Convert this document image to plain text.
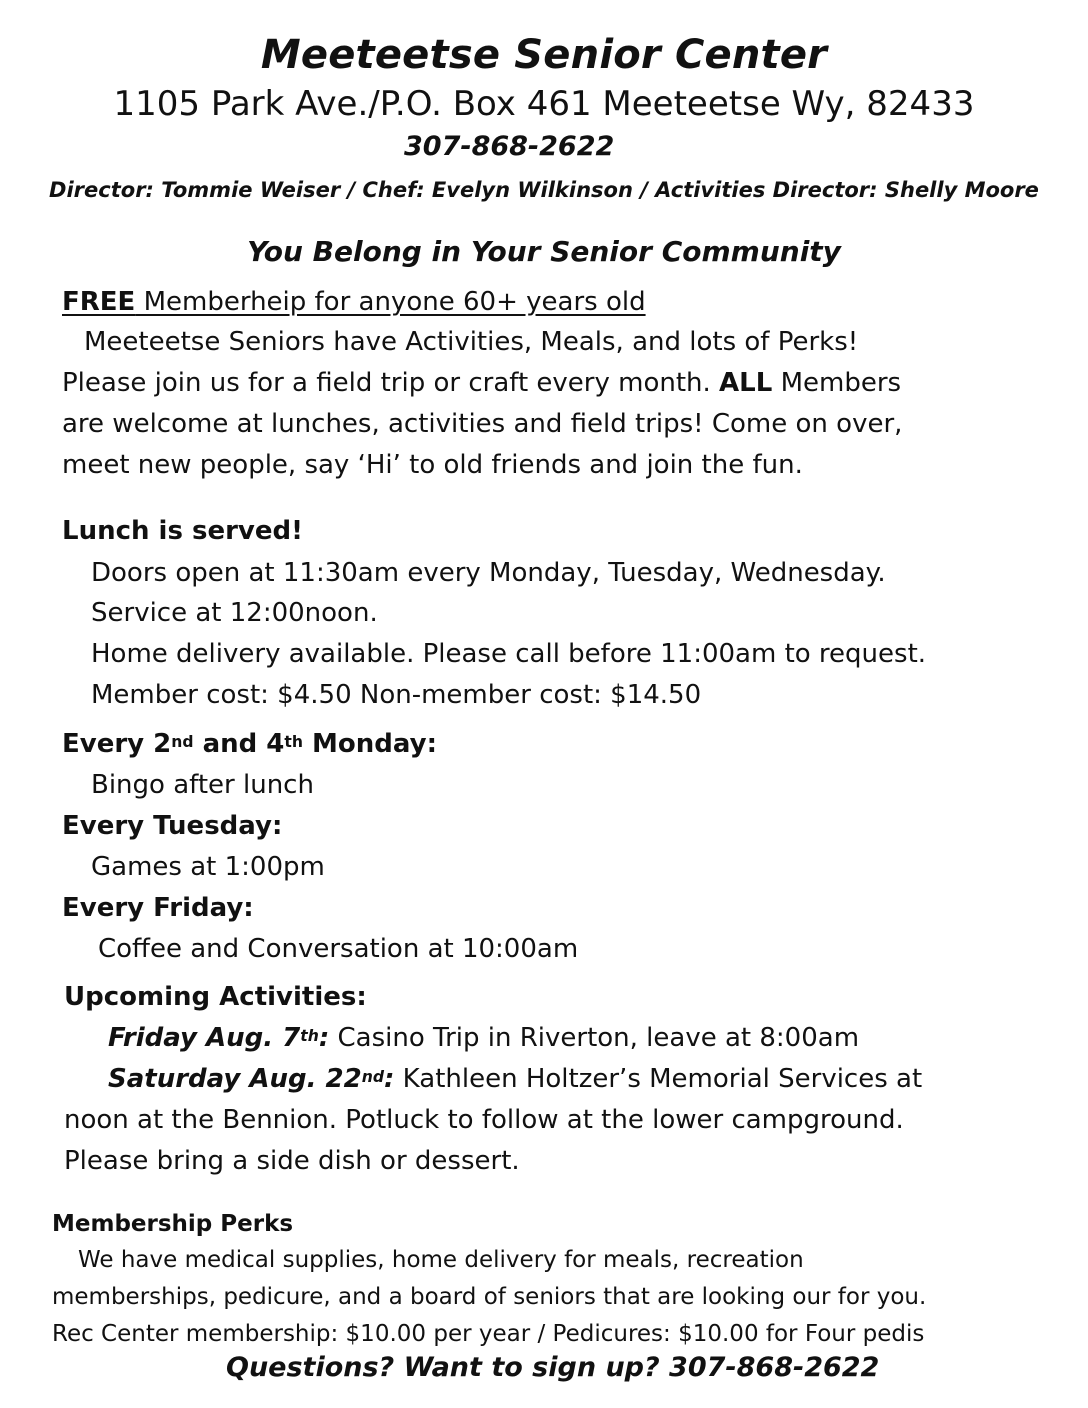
Meeteetse Senior Center
1105 Park Ave./P.O. Box 461 Meeteetse Wy, 82433
307-868-2622
Director: Tommie Weiser / Chef: Evelyn Wilkinson / Activities Director: Shelly Moore
You Belong in Your Senior Community
FREE Memberheip for anyone 60+ years old
Meeteetse Seniors have Activities, Meals, and lots of Perks!
Please join us for a field trip or craft every month. ALL Members
are welcome at lunches, activities and field trips! Come on over,
meet new people, say ‘Hi’ to old friends and join the fun.
Lunch is served!
Doors open at 11:30am every Monday, Tuesday, Wednesday.
Service at 12:00noon.
Home delivery available. Please call before 11:00am to request.
Member cost: $4.50 Non-member cost: $14.50
Every 2nd and 4th Monday:
Bingo after lunch
Every Tuesday:
Games at 1:00pm
Every Friday:
Coffee and Conversation at 10:00am
Upcoming Activities:
Friday Aug. 7th: Casino Trip in Riverton, leave at 8:00am
Saturday Aug. 22nd: Kathleen Holtzer’s Memorial Services at
noon at the Bennion. Potluck to follow at the lower campground.
Please bring a side dish or dessert.
Membership Perks
We have medical supplies, home delivery for meals, recreation
memberships, pedicure, and a board of seniors that are looking our for you.
Rec Center membership: $10.00 per year / Pedicures: $10.00 for Four pedis
Questions? Want to sign up? 307-868-2622
